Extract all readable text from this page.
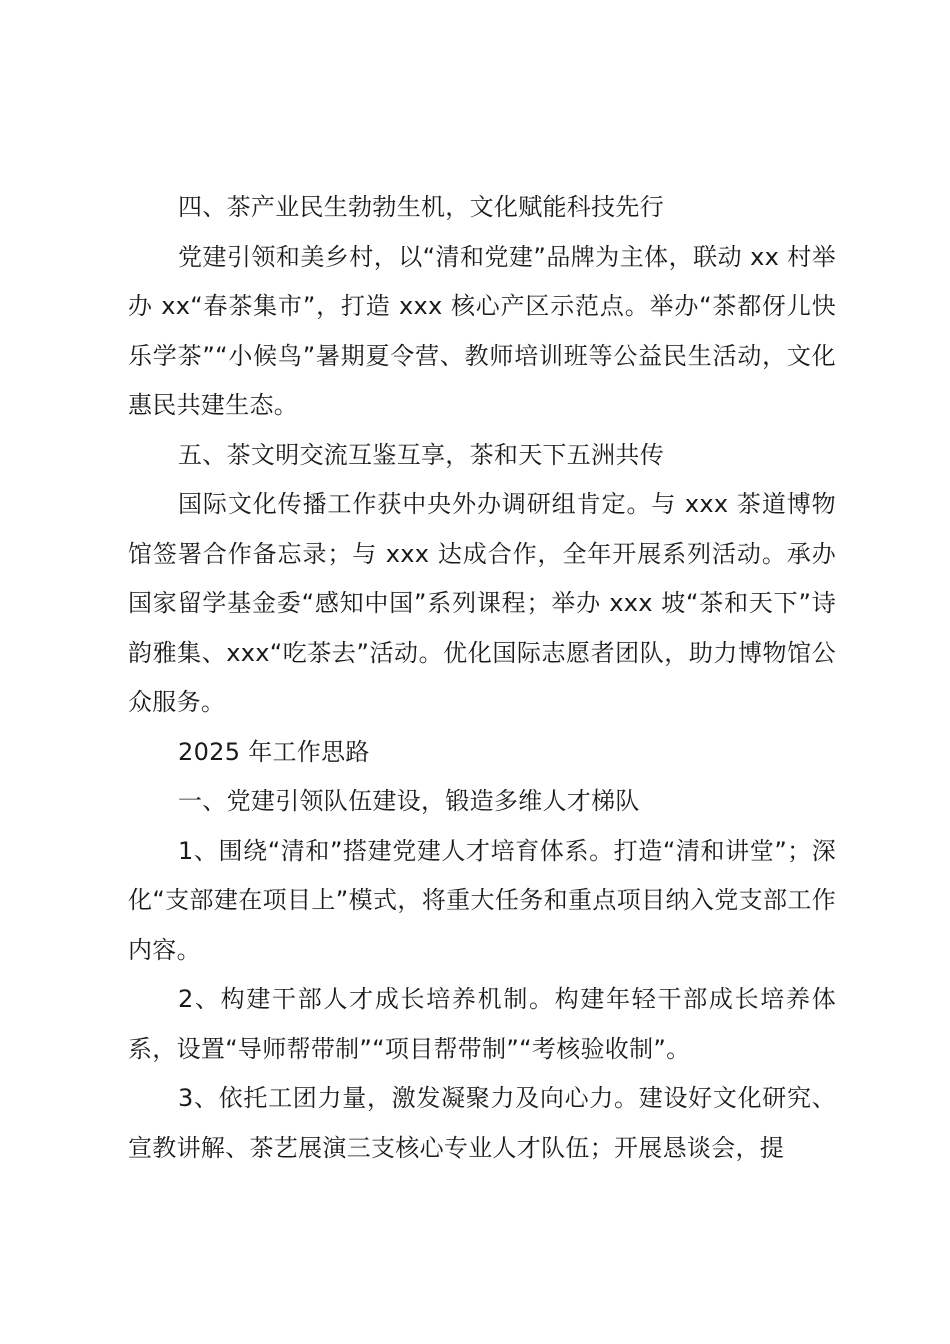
四、茶产业民生勃勃生机，文化赋能科技先行

党建引领和美乡村，以“清和党建”品牌为主体，联动 xx 村举办 xx“春茶集市”，打造 xxx 核心产区示范点。举办“茶都伢儿快乐学茶”“小候鸟”暑期夏令营、教师培训班等公益民生活动，文化惠民共建生态。

五、茶文明交流互鉴互享，茶和天下五洲共传

国际文化传播工作获中央外办调研组肯定。与 xxx 茶道博物馆签署合作备忘录；与 xxx 达成合作，全年开展系列活动。承办国家留学基金委“感知中国”系列课程；举办 xxx 坡“茶和天下”诗韵雅集、xxx“吃茶去”活动。优化国际志愿者团队，助力博物馆公众服务。

2025 年工作思路

一、党建引领队伍建设，锻造多维人才梯队

1、围绕“清和”搭建党建人才培育体系。打造“清和讲堂”；深化“支部建在项目上”模式，将重大任务和重点项目纳入党支部工作内容。

2、构建干部人才成长培养机制。构建年轻干部成长培养体系，设置“导师帮带制”“项目帮带制”“考核验收制”。

3、依托工团力量，激发凝聚力及向心力。建设好文化研究、宣教讲解、茶艺展演三支核心专业人才队伍；开展恳谈会，提
